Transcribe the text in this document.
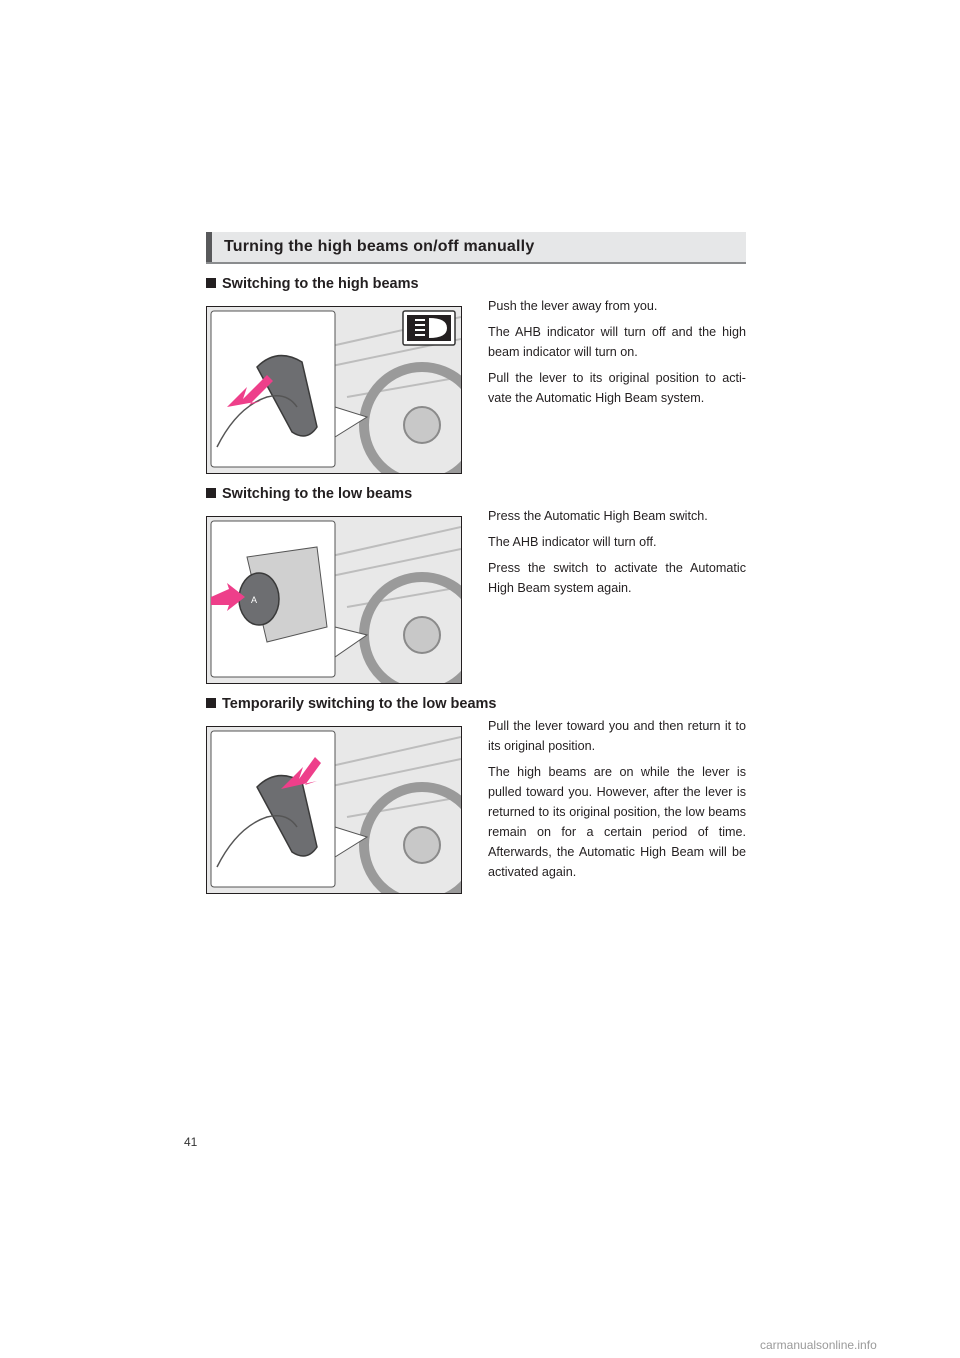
Turning the high beams on/off manually
Switching to the high beams

Push the lever away from you.

The AHB indicator will turn off and the high beam indicator will turn on.

Pull the lever to its original position to acti-vate the Automatic High Beam system.

Switching to the low beams
A

Press the Automatic High Beam switch.

The AHB indicator will turn off.

Press the switch to activate the Automatic High Beam system again.

Temporarily switching to the low beams

Pull the lever toward you and then return it to its original position.

The high beams are on while the lever is pulled toward you. However, after the lever is returned to its original position, the low beams remain on for a certain period of time. Afterwards, the Automatic High Beam will be activated again.

41
carmanualsonline.info
